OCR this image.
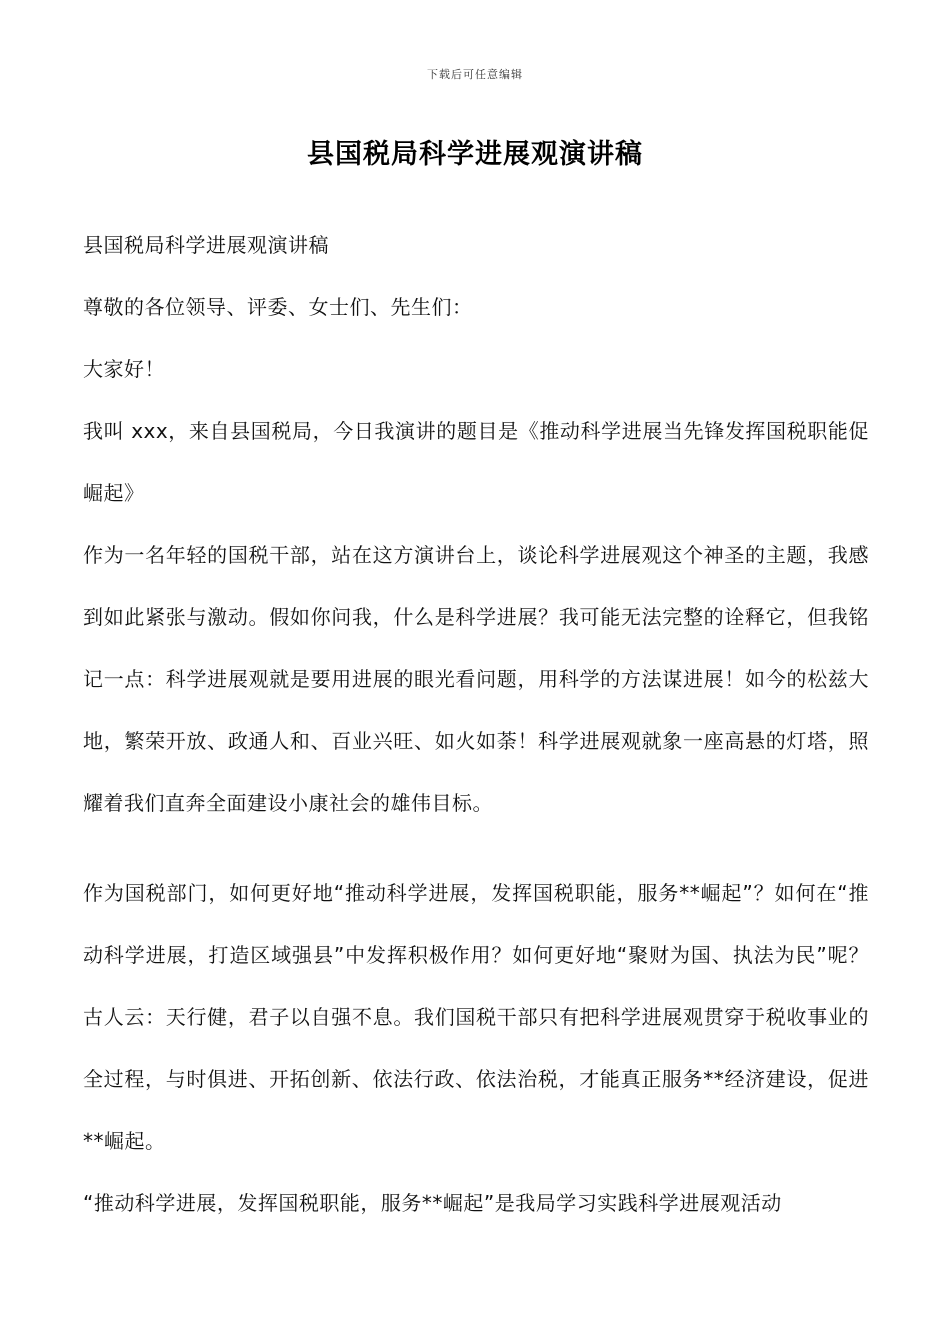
下载后可任意编辑
县国税局科学进展观演讲稿

县国税局科学进展观演讲稿

尊敬的各位领导、评委、女士们、先生们：

大家好！

我叫 xxx，来自县国税局，今日我演讲的题目是《推动科学进展当先锋发挥国税职能促崛起》

作为一名年轻的国税干部，站在这方演讲台上，谈论科学进展观这个神圣的主题，我感到如此紧张与激动。假如你问我，什么是科学进展？我可能无法完整的诠释它，但我铭记一点：科学进展观就是要用进展的眼光看问题，用科学的方法谋进展！如今的松兹大地，繁荣开放、政通人和、百业兴旺、如火如荼！科学进展观就象一座高悬的灯塔，照耀着我们直奔全面建设小康社会的雄伟目标。

作为国税部门，如何更好地“推动科学进展，发挥国税职能，服务**崛起”？如何在“推动科学进展，打造区域强县”中发挥积极作用？如何更好地“聚财为国、执法为民”呢？古人云：天行健，君子以自强不息。我们国税干部只有把科学进展观贯穿于税收事业的全过程，与时俱进、开拓创新、依法行政、依法治税，才能真正服务**经济建设，促进**崛起。

“推动科学进展，发挥国税职能，服务**崛起”是我局学习实践科学进展观活动
